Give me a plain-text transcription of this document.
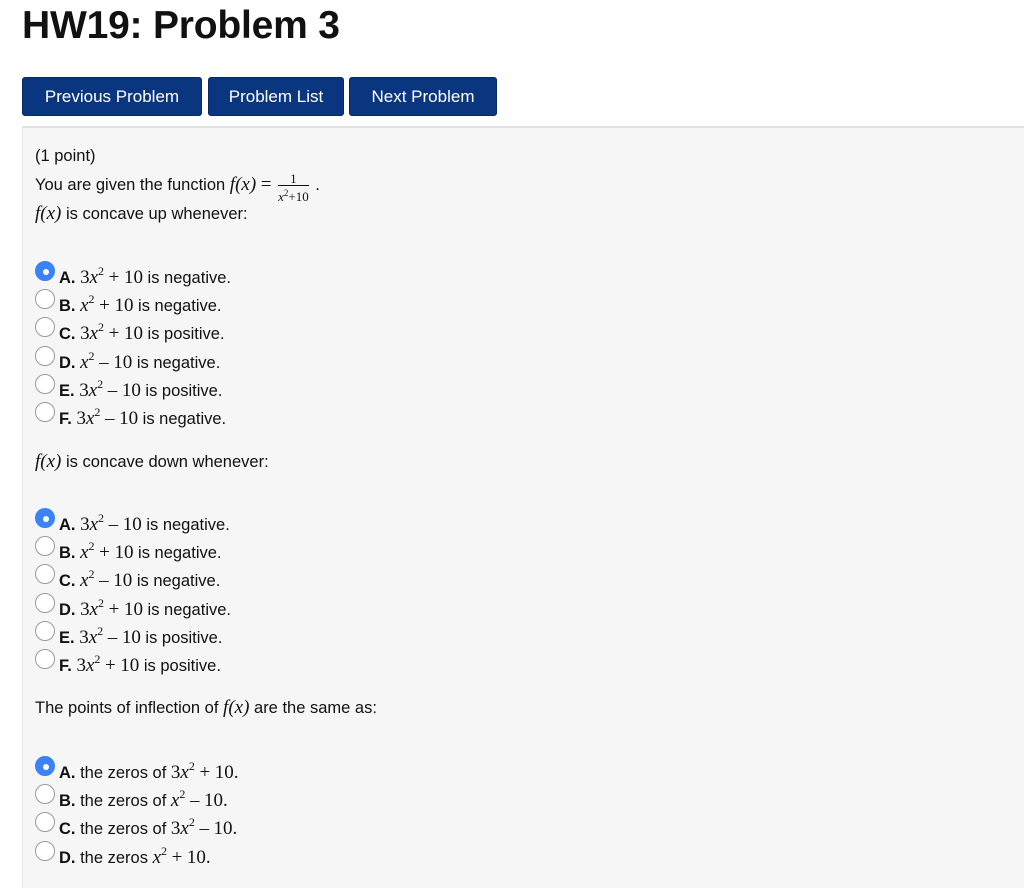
HW19: Problem 3
Previous Problem	Problem List	Next Problem
(1 point)
You are given the function $f(x) = \frac{1}{x^2+10}$ .
f(x) is concave up whenever:
A. $3x^2 + 10$ is negative.
B. $x^2 + 10$ is negative.
C. $3x^2 + 10$ is positive.
D. $x^2 - 10$ is negative.
E. $3x^2 - 10$ is positive.
F. $3x^2 - 10$ is negative.
f(x) is concave down whenever:
A. $3x^2 - 10$ is negative.
B. $x^2 + 10$ is negative.
C. $x^2 - 10$ is negative.
D. $3x^2 + 10$ is negative.
E. $3x^2 - 10$ is positive.
F. $3x^2 + 10$ is positive.
The points of inflection of f(x) are the same as:
A. the zeros of $3x^2 + 10$.
B. the zeros of $x^2 - 10$.
C. the zeros of $3x^2 - 10$.
D. the zeros $x^2 + 10$.
